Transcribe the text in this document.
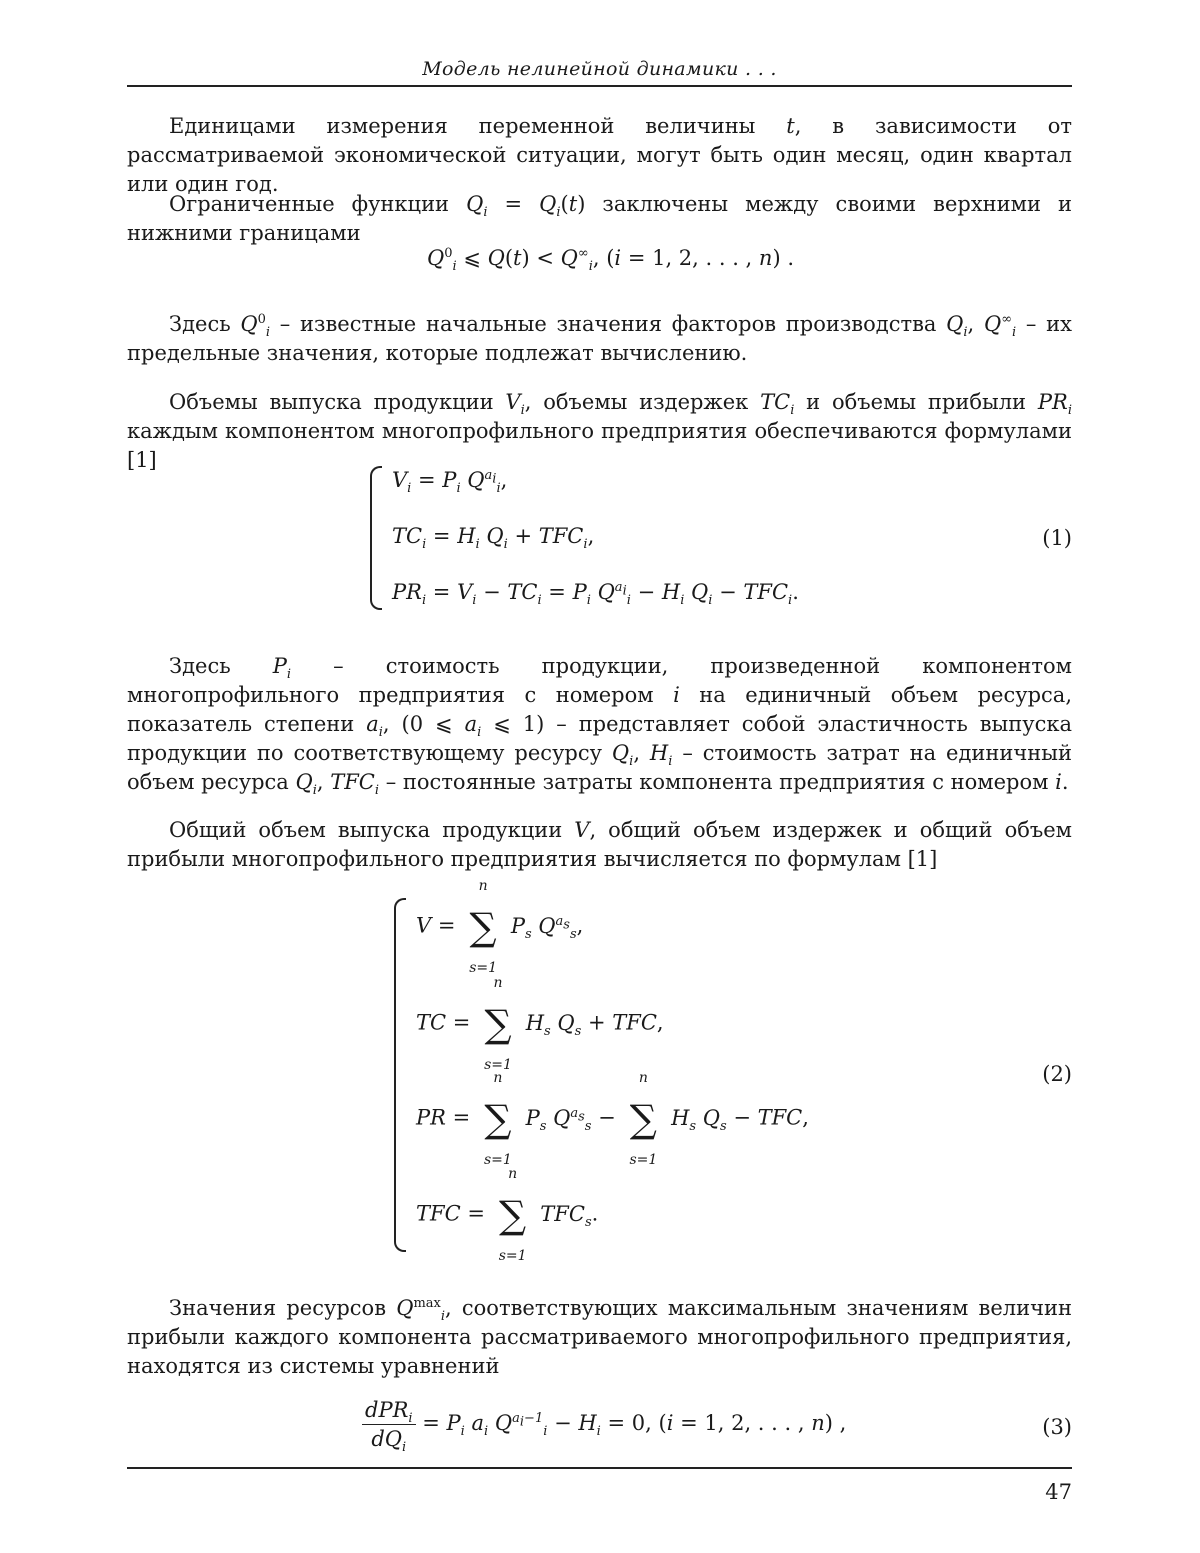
Модель нелинейной динамики . . .

Единицами измерения переменной величины t, в зависимости от рассматриваемой экономической ситуации, могут быть один месяц, один квартал или один год.

Ограниченные функции $Q_i = Q_i(t)$ заключены между своими верхними и нижними границами

$Q^0_i$ ⩽ $Q(t) < Q^\infty_i$, (i = 1, 2, . . . , n) .

Здесь $Q^0_i$ – известные начальные значения факторов производства $Q_i$, $Q^\infty_i$ – их предельные значения, которые подлежат вычислению.

Объемы выпуска продукции $V_i$, объемы издержек $TC_i$ и объемы прибыли $PR_i$ каждым компонентом многопрофильного предприятия обеспечиваются формулами [1]

$V_i = P_i$ $Q^{a_i}_i$,
$TC_i = H_i$ $Q_i + TFC_i$,
$PR_i = V_i - TC_i = P_i$ $Q^{a_i}_i - H_i$ $Q_i - TFC_i$.
(1)

Здесь $P_i$ – стоимость продукции, произведенной компонентом многопрофильного предприятия с номером i на единичный объем ресурса, показатель степени $a_i$, (0 ⩽ $a_i$ ⩽ 1) – представляет собой эластичность выпуска продукции по соответствующему ресурсу $Q_i$, $H_i$ – стоимость затрат на единичный объем ресурса $Q_i$, $TFC_i$ – постоянные затраты компонента предприятия с номером i.

Общий объем выпуска продукции V, общий объем издержек и общий объем прибыли многопрофильного предприятия вычисляется по формулам [1]

V =
n
∑
s=1
$P_s$ $Q^{a_s}_s$,
TC =
n
∑
s=1
$H_s$ $Q_s$ + TFC,
PR =
n
∑
s=1
$P_s$ $Q^{a_s}_s$ −
n
∑
s=1
$H_s$ $Q_s$ − TFC,
TFC =
n
∑
s=1
$TFC_s$.
(2)

Значения ресурсов $Q^{max}_i$, соответствующих максимальным значениям величин прибыли каждого компонента рассматриваемого многопрофильного предприятия, находятся из системы уравнений

$\frac{dPR_i}{dQ_i} = P_i$ $a_i$ $Q^{a_i-1}_i - H_i = 0$, (i = 1, 2, . . . , n) ,	(3)
47
